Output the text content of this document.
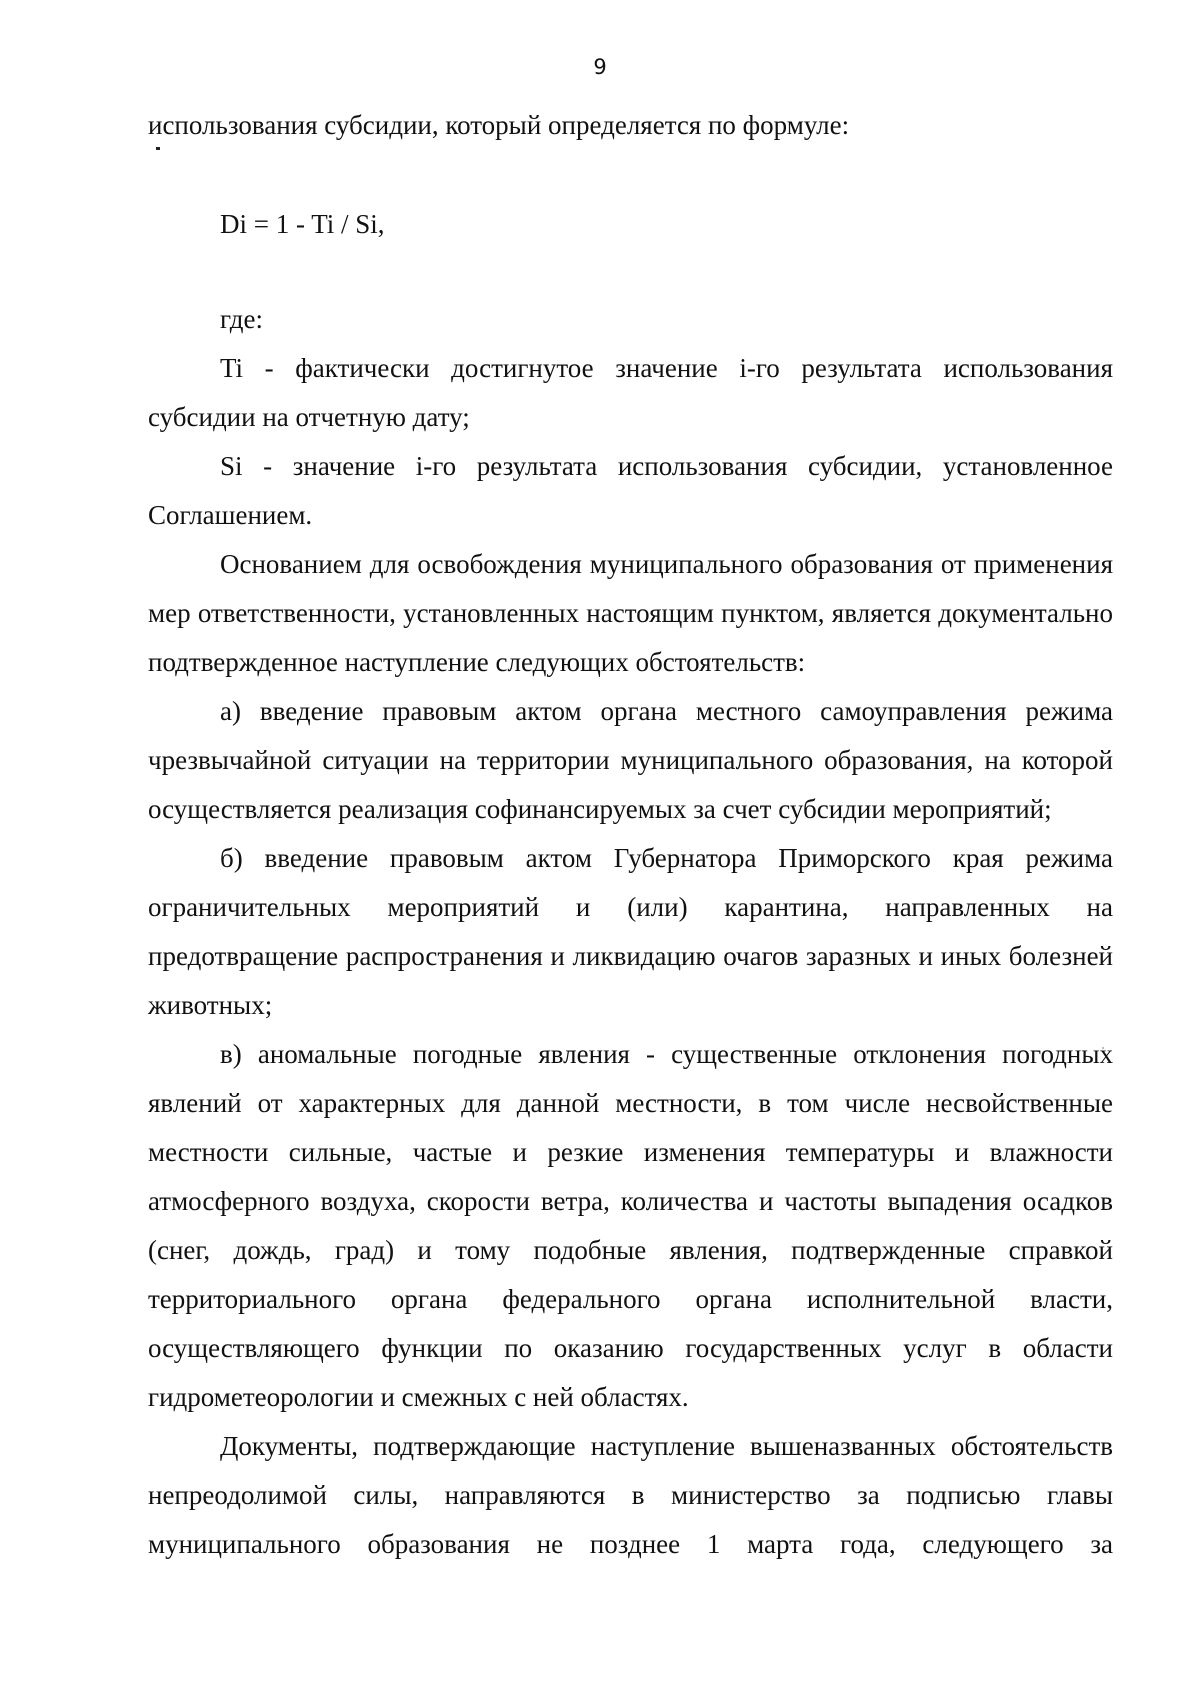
9

использования субсидии, который определяется по формуле:

Di = 1 - Ti / Si,

где:

Ti - фактически достигнутое значение i-го результата использования субсидии на отчетную дату;

Si - значение i-го результата использования субсидии, установленное Соглашением.

Основанием для освобождения муниципального образования от применения мер ответственности, установленных настоящим пунктом, является документально подтвержденное наступление следующих обстоятельств:

а) введение правовым актом органа местного самоуправления режима чрезвычайной ситуации на территории муниципального образования, на которой осуществляется реализация софинансируемых за счет субсидии мероприятий;

б) введение правовым актом Губернатора Приморского края режима ограничительных мероприятий и (или) карантина, направленных на предотвращение распространения и ликвидацию очагов заразных и иных болезней животных;

в) аномальные погодные явления - существенные отклонения погодных явлений от характерных для данной местности, в том числе несвойственные местности сильные, частые и резкие изменения температуры и влажности атмосферного воздуха, скорости ветра, количества и частоты выпадения осадков (снег, дождь, град) и тому подобные явления, подтвержденные справкой территориального органа федерального органа исполнительной власти, осуществляющего функции по оказанию государственных услуг в области гидрометеорологии и смежных с ней областях.

Документы, подтверждающие наступление вышеназванных обстоятельств непреодолимой силы, направляются в министерство за подписью главы муниципального образования не позднее 1 марта года, следующего за
